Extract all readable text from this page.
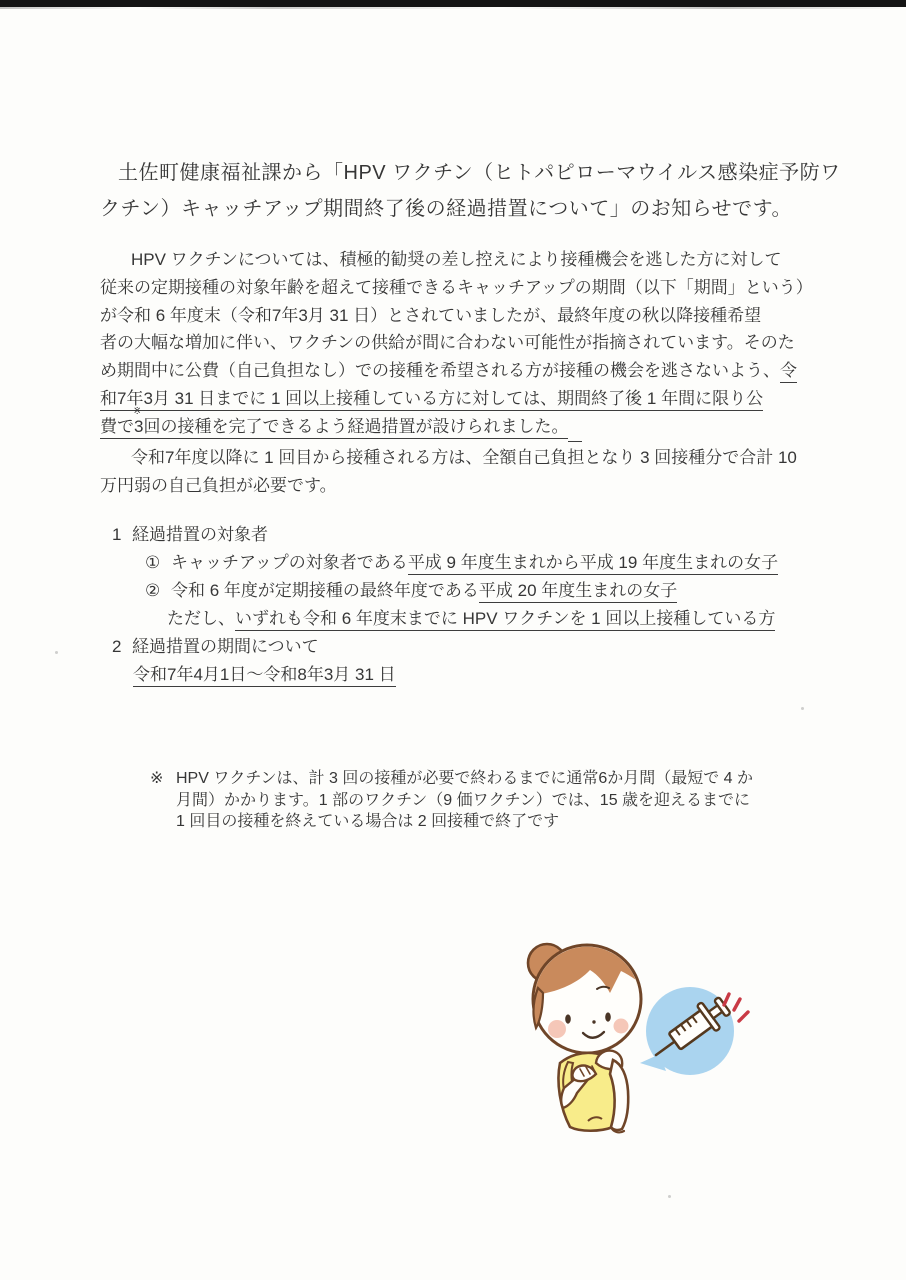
土佐町健康福祉課から「HPV ワクチン（ヒトパピローマウイルス感染症予防ワ
クチン）キャッチアップ期間終了後の経過措置について」のお知らせです。
　HPV ワクチンについては、積極的勧奨の差し控えにより接種機会を逃した方に対して
従来の定期接種の対象年齢を超えて接種できるキャッチアップの期間（以下「期間」という）
が令和 6 年度末（令和7年3月 31 日）とされていましたが、最終年度の秋以降接種希望
者の大幅な増加に伴い、ワクチンの供給が間に合わない可能性が指摘されています。そのた
め期間中に公費（自己負担なし）での接種を希望される方が接種の機会を逃さないよう、令
和7年3月 31 日までに 1 回以上接種している方に対しては、期間終了後 1 年間に限り公
費で
※
3回の接種を完了できるよう経過措置が設けられました。
　令和7年度以降に 1 回目から接種される方は、全額自己負担となり 3 回接種分で合計 10
万円弱の自己負担が必要です。
1 経過措置の対象者
① キャッチアップの対象者である平成 9 年度生まれから平成 19 年度生まれの女子
② 令和 6 年度が定期接種の最終年度である平成 20 年度生まれの女子
ただし、いずれも令和 6 年度末までに HPV ワクチンを 1 回以上接種している方
2 経過措置の期間について
令和7年4月1日～令和8年3月 31 日
※ HPV ワクチンは、計 3 回の接種が必要で終わるまでに通常6か月間（最短で 4 か
月間）かかります。1 部のワクチン（9 価ワクチン）では、15 歳を迎えるまでに
1 回目の接種を終えている場合は 2 回接種で終了です
